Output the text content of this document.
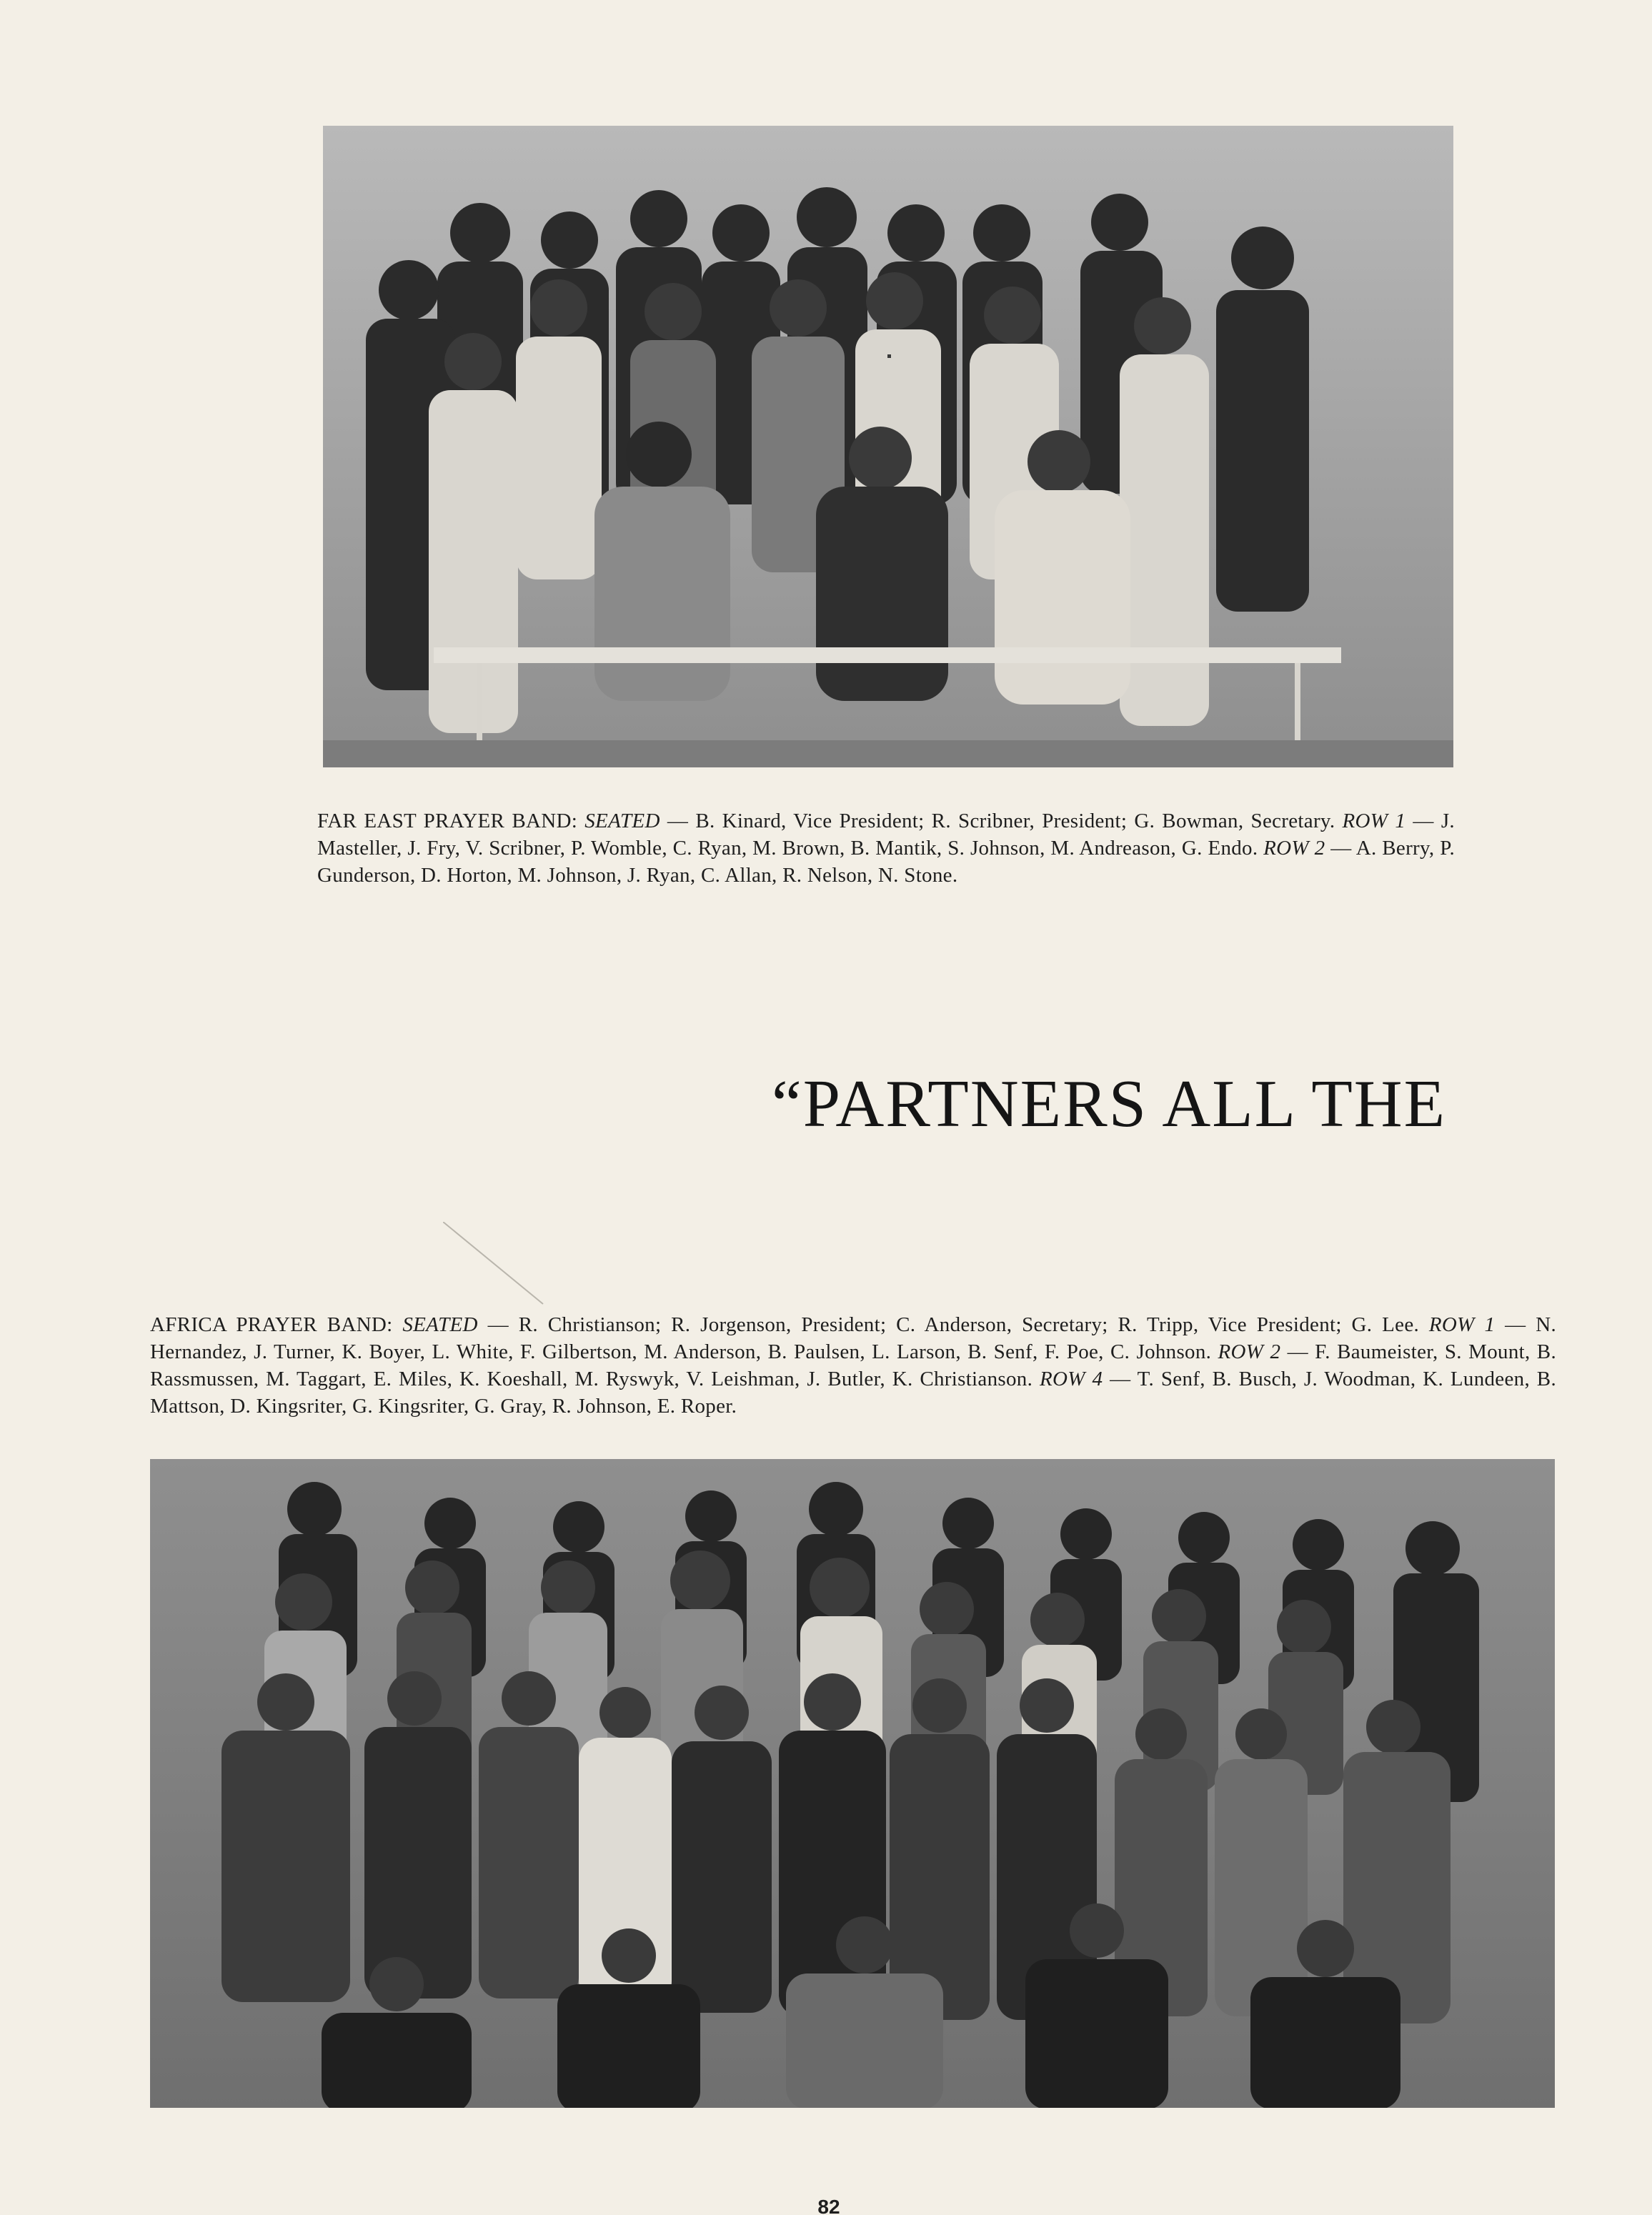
FAR EAST PRAYER BAND: SEATED — B. Kinard, Vice President; R. Scribner, President; G. Bowman, Secretary. ROW 1 — J. Masteller, J. Fry, V. Scribner, P. Womble, C. Ryan, M. Brown, B. Mantik, S. Johnson, M. Andreason, G. Endo. ROW 2 — A. Berry, P. Gunderson, D. Horton, M. Johnson, J. Ryan, C. Allan, R. Nelson, N. Stone.
“PARTNERS ALL THE
AFRICA PRAYER BAND: SEATED — R. Christianson; R. Jorgenson, President; C. Anderson, Secretary; R. Tripp, Vice President; G. Lee. ROW 1 — N. Hernandez, J. Turner, K. Boyer, L. White, F. Gilbertson, M. Anderson, B. Paulsen, L. Larson, B. Senf, F. Poe, C. Johnson. ROW 2 — F. Baumeister, S. Mount, B. Rassmussen, M. Taggart, E. Miles, K. Koeshall, M. Ryswyk, V. Leishman, J. Butler, K. Christianson. ROW 4 — T. Senf, B. Busch, J. Woodman, K. Lundeen, B. Mattson, D. Kingsriter, G. Kingsriter, G. Gray, R. Johnson, E. Roper.
82
